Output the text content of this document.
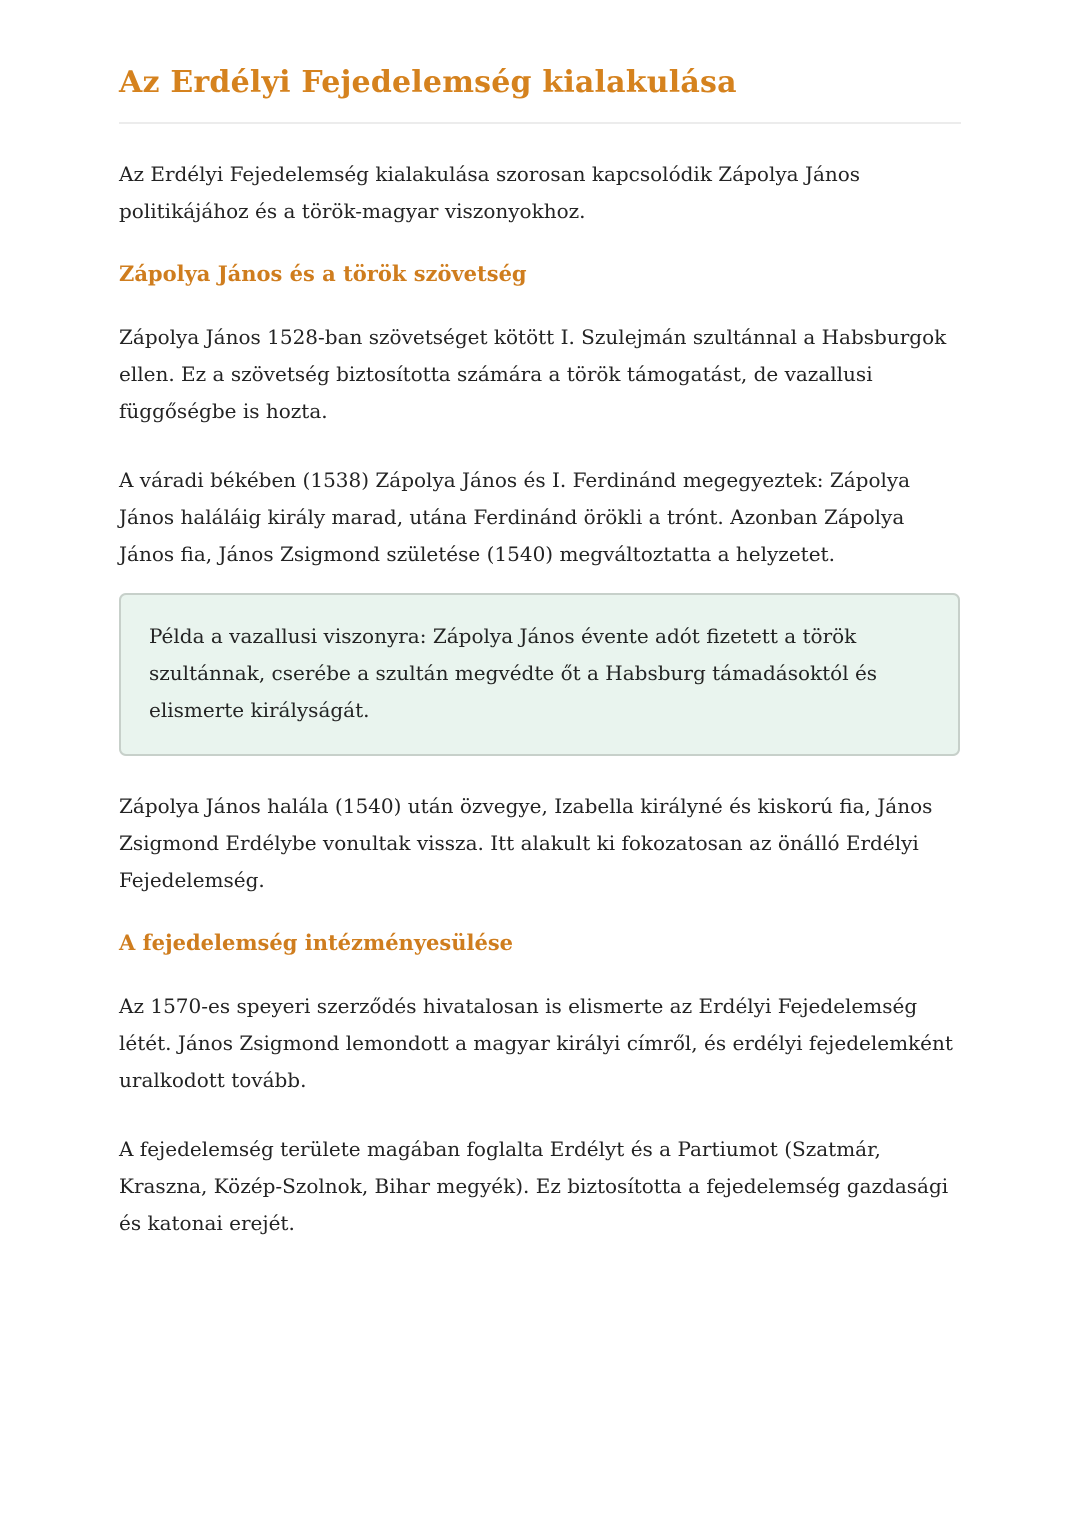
Az Erdélyi Fejedelemség kialakulása

Az Erdélyi Fejedelemség kialakulása szorosan kapcsolódik Zápolya János politikájához és a török-magyar viszonyokhoz.

Zápolya János és a török szövetség

Zápolya János 1528-ban szövetséget kötött I. Szulejmán szultánnal a Habsburgok ellen. Ez a szövetség biztosította számára a török támogatást, de vazallusi függőségbe is hozta.

A váradi békében (1538) Zápolya János és I. Ferdinánd megegyeztek: Zápolya János haláláig király marad, utána Ferdinánd örökli a trónt. Azonban Zápolya János fia, János Zsigmond születése (1540) megváltoztatta a helyzetet.

Példa a vazallusi viszonyra: Zápolya János évente adót fizetett a török szultánnak, cserébe a szultán megvédte őt a Habsburg támadásoktól és elismerte királyságát.

Zápolya János halála (1540) után özvegye, Izabella királyné és kiskorú fia, János Zsigmond Erdélybe vonultak vissza. Itt alakult ki fokozatosan az önálló Erdélyi Fejedelemség.

A fejedelemség intézményesülése

Az 1570-es speyeri szerződés hivatalosan is elismerte az Erdélyi Fejedelemség létét. János Zsigmond lemondott a magyar királyi címről, és erdélyi fejedelemként uralkodott tovább.

A fejedelemség területe magában foglalta Erdélyt és a Partiumot (Szatmár, Kraszna, Közép-Szolnok, Bihar megyék). Ez biztosította a fejedelemség gazdasági és katonai erejét.
